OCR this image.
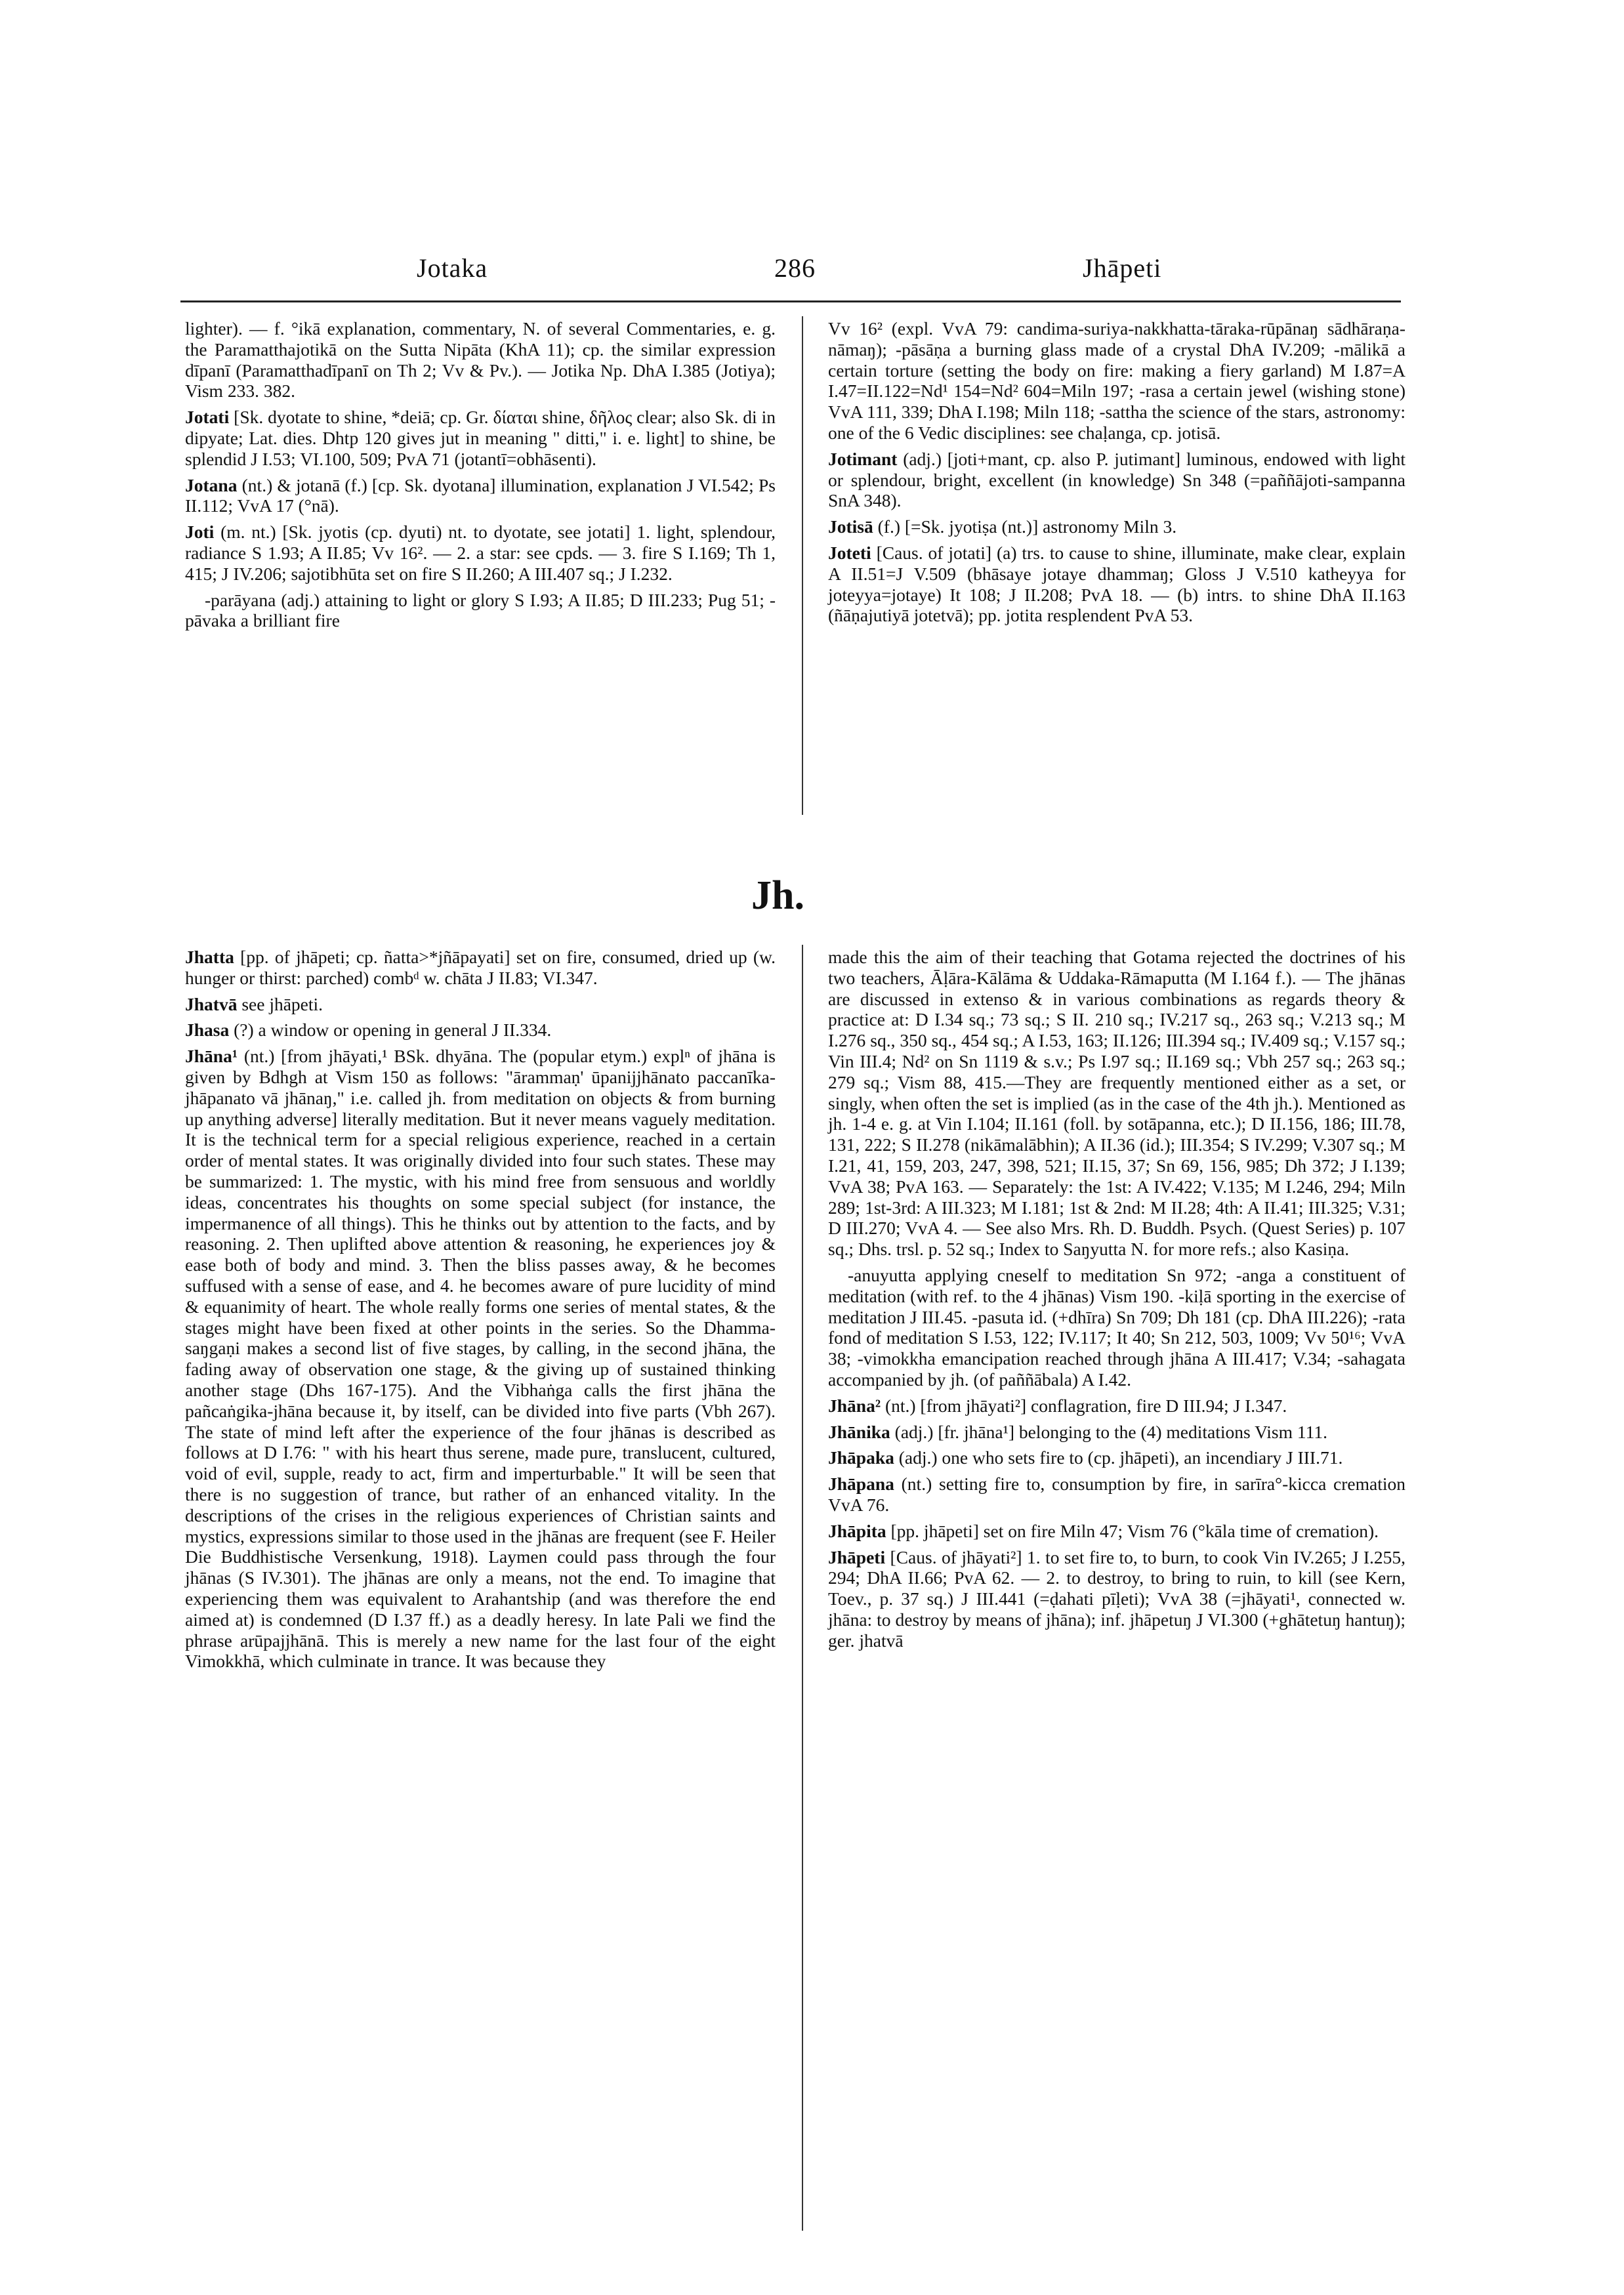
Jotaka	286	Jhāpeti

lighter). — f. °ikā explanation, commentary, N. of several Commentaries, e. g. the Paramatthajotikā on the Sutta Nipāta (KhA 11); cp. the similar expression dīpanī (Paramatthadīpanī on Th 2; Vv & Pv.). — Jotika Np. DhA I.385 (Jotiya); Vism 233. 382.

Jotati [Sk. dyotate to shine, *deiā; cp. Gr. δίαται shine, δῆλος clear; also Sk. di in dipyate; Lat. dies. Dhtp 120 gives jut in meaning " ditti," i. e. light] to shine, be splendid J I.53; VI.100, 509; PvA 71 (jotantī=obhāsenti).

Jotana (nt.) & jotanā (f.) [cp. Sk. dyotana] illumination, explanation J VI.542; Ps II.112; VvA 17 (°nā).

Joti (m. nt.) [Sk. jyotis (cp. dyuti) nt. to dyotate, see jotati] 1. light, splendour, radiance S 1.93; A II.85; Vv 16². — 2. a star: see cpds. — 3. fire S I.169; Th 1, 415; J IV.206; sajotibhūta set on fire S II.260; A III.407 sq.; J I.232.

-parāyana (adj.) attaining to light or glory S I.93; A II.85; D III.233; Pug 51; -pāvaka a brilliant fire

Vv 16² (expl. VvA 79: candima-suriya-nakkhatta-tāraka-rūpānaŋ sādhāraṇa-nāmaŋ); -pāsāṇa a burning glass made of a crystal DhA IV.209; -mālikā a certain torture (setting the body on fire: making a fiery garland) M I.87=A I.47=II.122=Nd¹ 154=Nd² 604=Miln 197; -rasa a certain jewel (wishing stone) VvA 111, 339; DhA I.198; Miln 118; -sattha the science of the stars, astronomy: one of the 6 Vedic disciplines: see chaḷanga, cp. jotisā.

Jotimant (adj.) [joti+mant, cp. also P. jutimant] luminous, endowed with light or splendour, bright, excellent (in knowledge) Sn 348 (=paññājoti-sampanna SnA 348).

Jotisā (f.) [=Sk. jyotiṣa (nt.)] astronomy Miln 3.

Joteti [Caus. of jotati] (a) trs. to cause to shine, illuminate, make clear, explain A II.51=J V.509 (bhāsaye jotaye dhammaŋ; Gloss J V.510 katheyya for joteyya=jotaye) It 108; J II.208; PvA 18. — (b) intrs. to shine DhA II.163 (ñāṇajutiyā jotetvā); pp. jotita resplendent PvA 53.

Jh.

Jhatta [pp. of jhāpeti; cp. ñatta>*jñāpayati] set on fire, consumed, dried up (w. hunger or thirst: parched) combᵈ w. chāta J II.83; VI.347.

Jhatvā see jhāpeti.

Jhasa (?) a window or opening in general J II.334.

Jhāna¹ (nt.) [from jhāyati,¹ BSk. dhyāna. The (popular etym.) explⁿ of jhāna is given by Bdhgh at Vism 150 as follows: "ārammaṇ' ūpanijjhānato paccanīka-jhāpanato vā jhānaŋ," i.e. called jh. from meditation on objects & from burning up anything adverse] literally meditation. But it never means vaguely meditation. It is the technical term for a special religious experience, reached in a certain order of mental states. It was originally divided into four such states. These may be summarized: 1. The mystic, with his mind free from sensuous and worldly ideas, concentrates his thoughts on some special subject (for instance, the impermanence of all things). This he thinks out by attention to the facts, and by reasoning. 2. Then uplifted above attention & reasoning, he experiences joy & ease both of body and mind. 3. Then the bliss passes away, & he becomes suffused with a sense of ease, and 4. he becomes aware of pure lucidity of mind & equanimity of heart. The whole really forms one series of mental states, & the stages might have been fixed at other points in the series. So the Dhamma-saŋgaṇi makes a second list of five stages, by calling, in the second jhāna, the fading away of observation one stage, & the giving up of sustained thinking another stage (Dhs 167-175). And the Vibhaṅga calls the first jhāna the pañcaṅgika-jhāna because it, by itself, can be divided into five parts (Vbh 267). The state of mind left after the experience of the four jhānas is described as follows at D I.76: " with his heart thus serene, made pure, translucent, cultured, void of evil, supple, ready to act, firm and imperturbable." It will be seen that there is no suggestion of trance, but rather of an enhanced vitality. In the descriptions of the crises in the religious experiences of Christian saints and mystics, expressions similar to those used in the jhānas are frequent (see F. Heiler Die Buddhistische Versenkung, 1918). Laymen could pass through the four jhānas (S IV.301). The jhānas are only a means, not the end. To imagine that experiencing them was equivalent to Arahantship (and was therefore the end aimed at) is condemned (D I.37 ff.) as a deadly heresy. In late Pali we find the phrase arūpajjhānā. This is merely a new name for the last four of the eight Vimokkhā, which culminate in trance. It was because they

made this the aim of their teaching that Gotama rejected the doctrines of his two teachers, Āḷāra-Kālāma & Uddaka-Rāmaputta (M I.164 f.). — The jhānas are discussed in extenso & in various combinations as regards theory & practice at: D I.34 sq.; 73 sq.; S II. 210 sq.; IV.217 sq., 263 sq.; V.213 sq.; M I.276 sq., 350 sq., 454 sq.; A I.53, 163; II.126; III.394 sq.; IV.409 sq.; V.157 sq.; Vin III.4; Nd² on Sn 1119 & s.v.; Ps I.97 sq.; II.169 sq.; Vbh 257 sq.; 263 sq.; 279 sq.; Vism 88, 415.—They are frequently mentioned either as a set, or singly, when often the set is implied (as in the case of the 4th jh.). Mentioned as jh. 1-4 e. g. at Vin I.104; II.161 (foll. by sotāpanna, etc.); D II.156, 186; III.78, 131, 222; S II.278 (nikāmalābhin); A II.36 (id.); III.354; S IV.299; V.307 sq.; M I.21, 41, 159, 203, 247, 398, 521; II.15, 37; Sn 69, 156, 985; Dh 372; J I.139; VvA 38; PvA 163. — Separately: the 1st: A IV.422; V.135; M I.246, 294; Miln 289; 1st-3rd: A III.323; M I.181; 1st & 2nd: M II.28; 4th: A II.41; III.325; V.31; D III.270; VvA 4. — See also Mrs. Rh. D. Buddh. Psych. (Quest Series) p. 107 sq.; Dhs. trsl. p. 52 sq.; Index to Saŋyutta N. for more refs.; also Kasiṇa.

-anuyutta applying cneself to meditation Sn 972; -anga a constituent of meditation (with ref. to the 4 jhānas) Vism 190. -kiḷā sporting in the exercise of meditation J III.45. -pasuta id. (+dhīra) Sn 709; Dh 181 (cp. DhA III.226); -rata fond of meditation S I.53, 122; IV.117; It 40; Sn 212, 503, 1009; Vv 50¹⁶; VvA 38; -vimokkha emancipation reached through jhāna A III.417; V.34; -sahagata accompanied by jh. (of paññābala) A I.42.

Jhāna² (nt.) [from jhāyati²] conflagration, fire D III.94; J I.347.

Jhānika (adj.) [fr. jhāna¹] belonging to the (4) meditations Vism 111.

Jhāpaka (adj.) one who sets fire to (cp. jhāpeti), an incendiary J III.71.

Jhāpana (nt.) setting fire to, consumption by fire, in sarīra°-kicca cremation VvA 76.

Jhāpita [pp. jhāpeti] set on fire Miln 47; Vism 76 (°kāla time of cremation).

Jhāpeti [Caus. of jhāyati²] 1. to set fire to, to burn, to cook Vin IV.265; J I.255, 294; DhA II.66; PvA 62. — 2. to destroy, to bring to ruin, to kill (see Kern, Toev., p. 37 sq.) J III.441 (=ḍahati pīḷeti); VvA 38 (=jhāyati¹, connected w. jhāna: to destroy by means of jhāna); inf. jhāpetuŋ J VI.300 (+ghātetuŋ hantuŋ); ger. jhatvā
